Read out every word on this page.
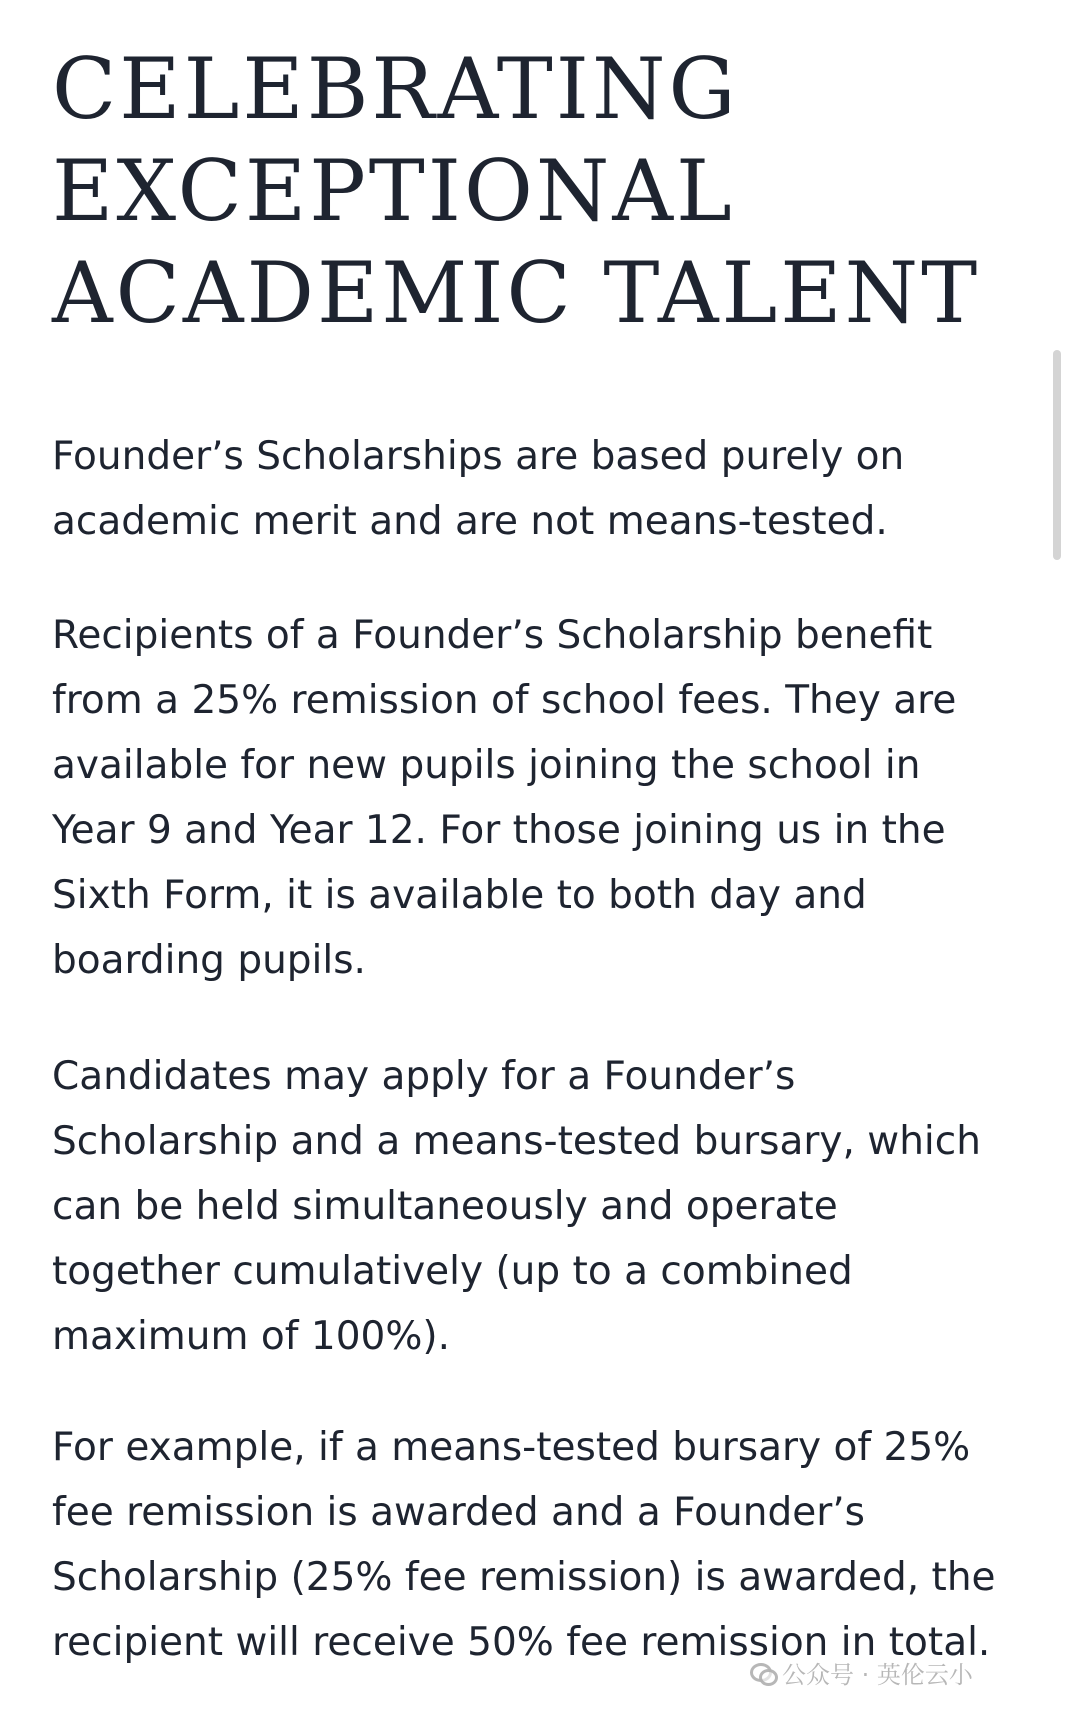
CELEBRATING
EXCEPTIONAL
ACADEMIC TALENT

Founder’s Scholarships are based purely on
academic merit and are not means-tested.

Recipients of a Founder’s Scholarship benefit
from a 25% remission of school fees. They are
available for new pupils joining the school in
Year 9 and Year 12. For those joining us in the
Sixth Form, it is available to both day and
boarding pupils.

Candidates may apply for a Founder’s
Scholarship and a means-tested bursary, which
can be held simultaneously and operate
together cumulatively (up to a combined
maximum of 100%).

For example, if a means-tested bursary of 25%
fee remission is awarded and a Founder’s
Scholarship (25% fee remission) is awarded, the
recipient will receive 50% fee remission in total.

公众号 · 英伦云小
